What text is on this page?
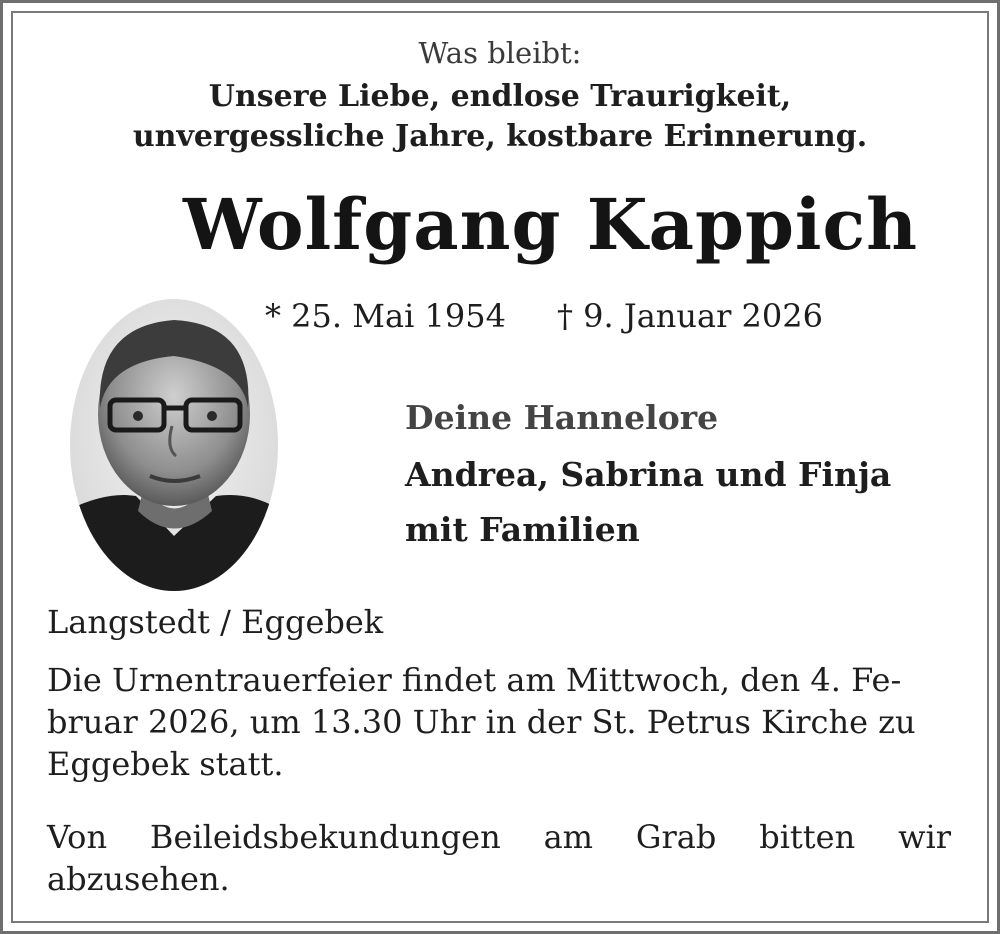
Was bleibt:
Unsere Liebe, endlose Traurigkeit,
unvergessliche Jahre, kostbare Erinnerung.
Wolfgang Kappich
* 25. Mai 1954 † 9. Januar 2026
Deine Hannelore
Andrea, Sabrina und Finja
mit Familien
Langstedt / Eggebek
Die Urnentrauerfeier findet am Mittwoch, den 4. Fe-
bruar 2026, um 13.30 Uhr in der St. Petrus Kirche zu
Eggebek statt.
Von Beileidsbekundungen am Grab bitten wir
abzusehen.
